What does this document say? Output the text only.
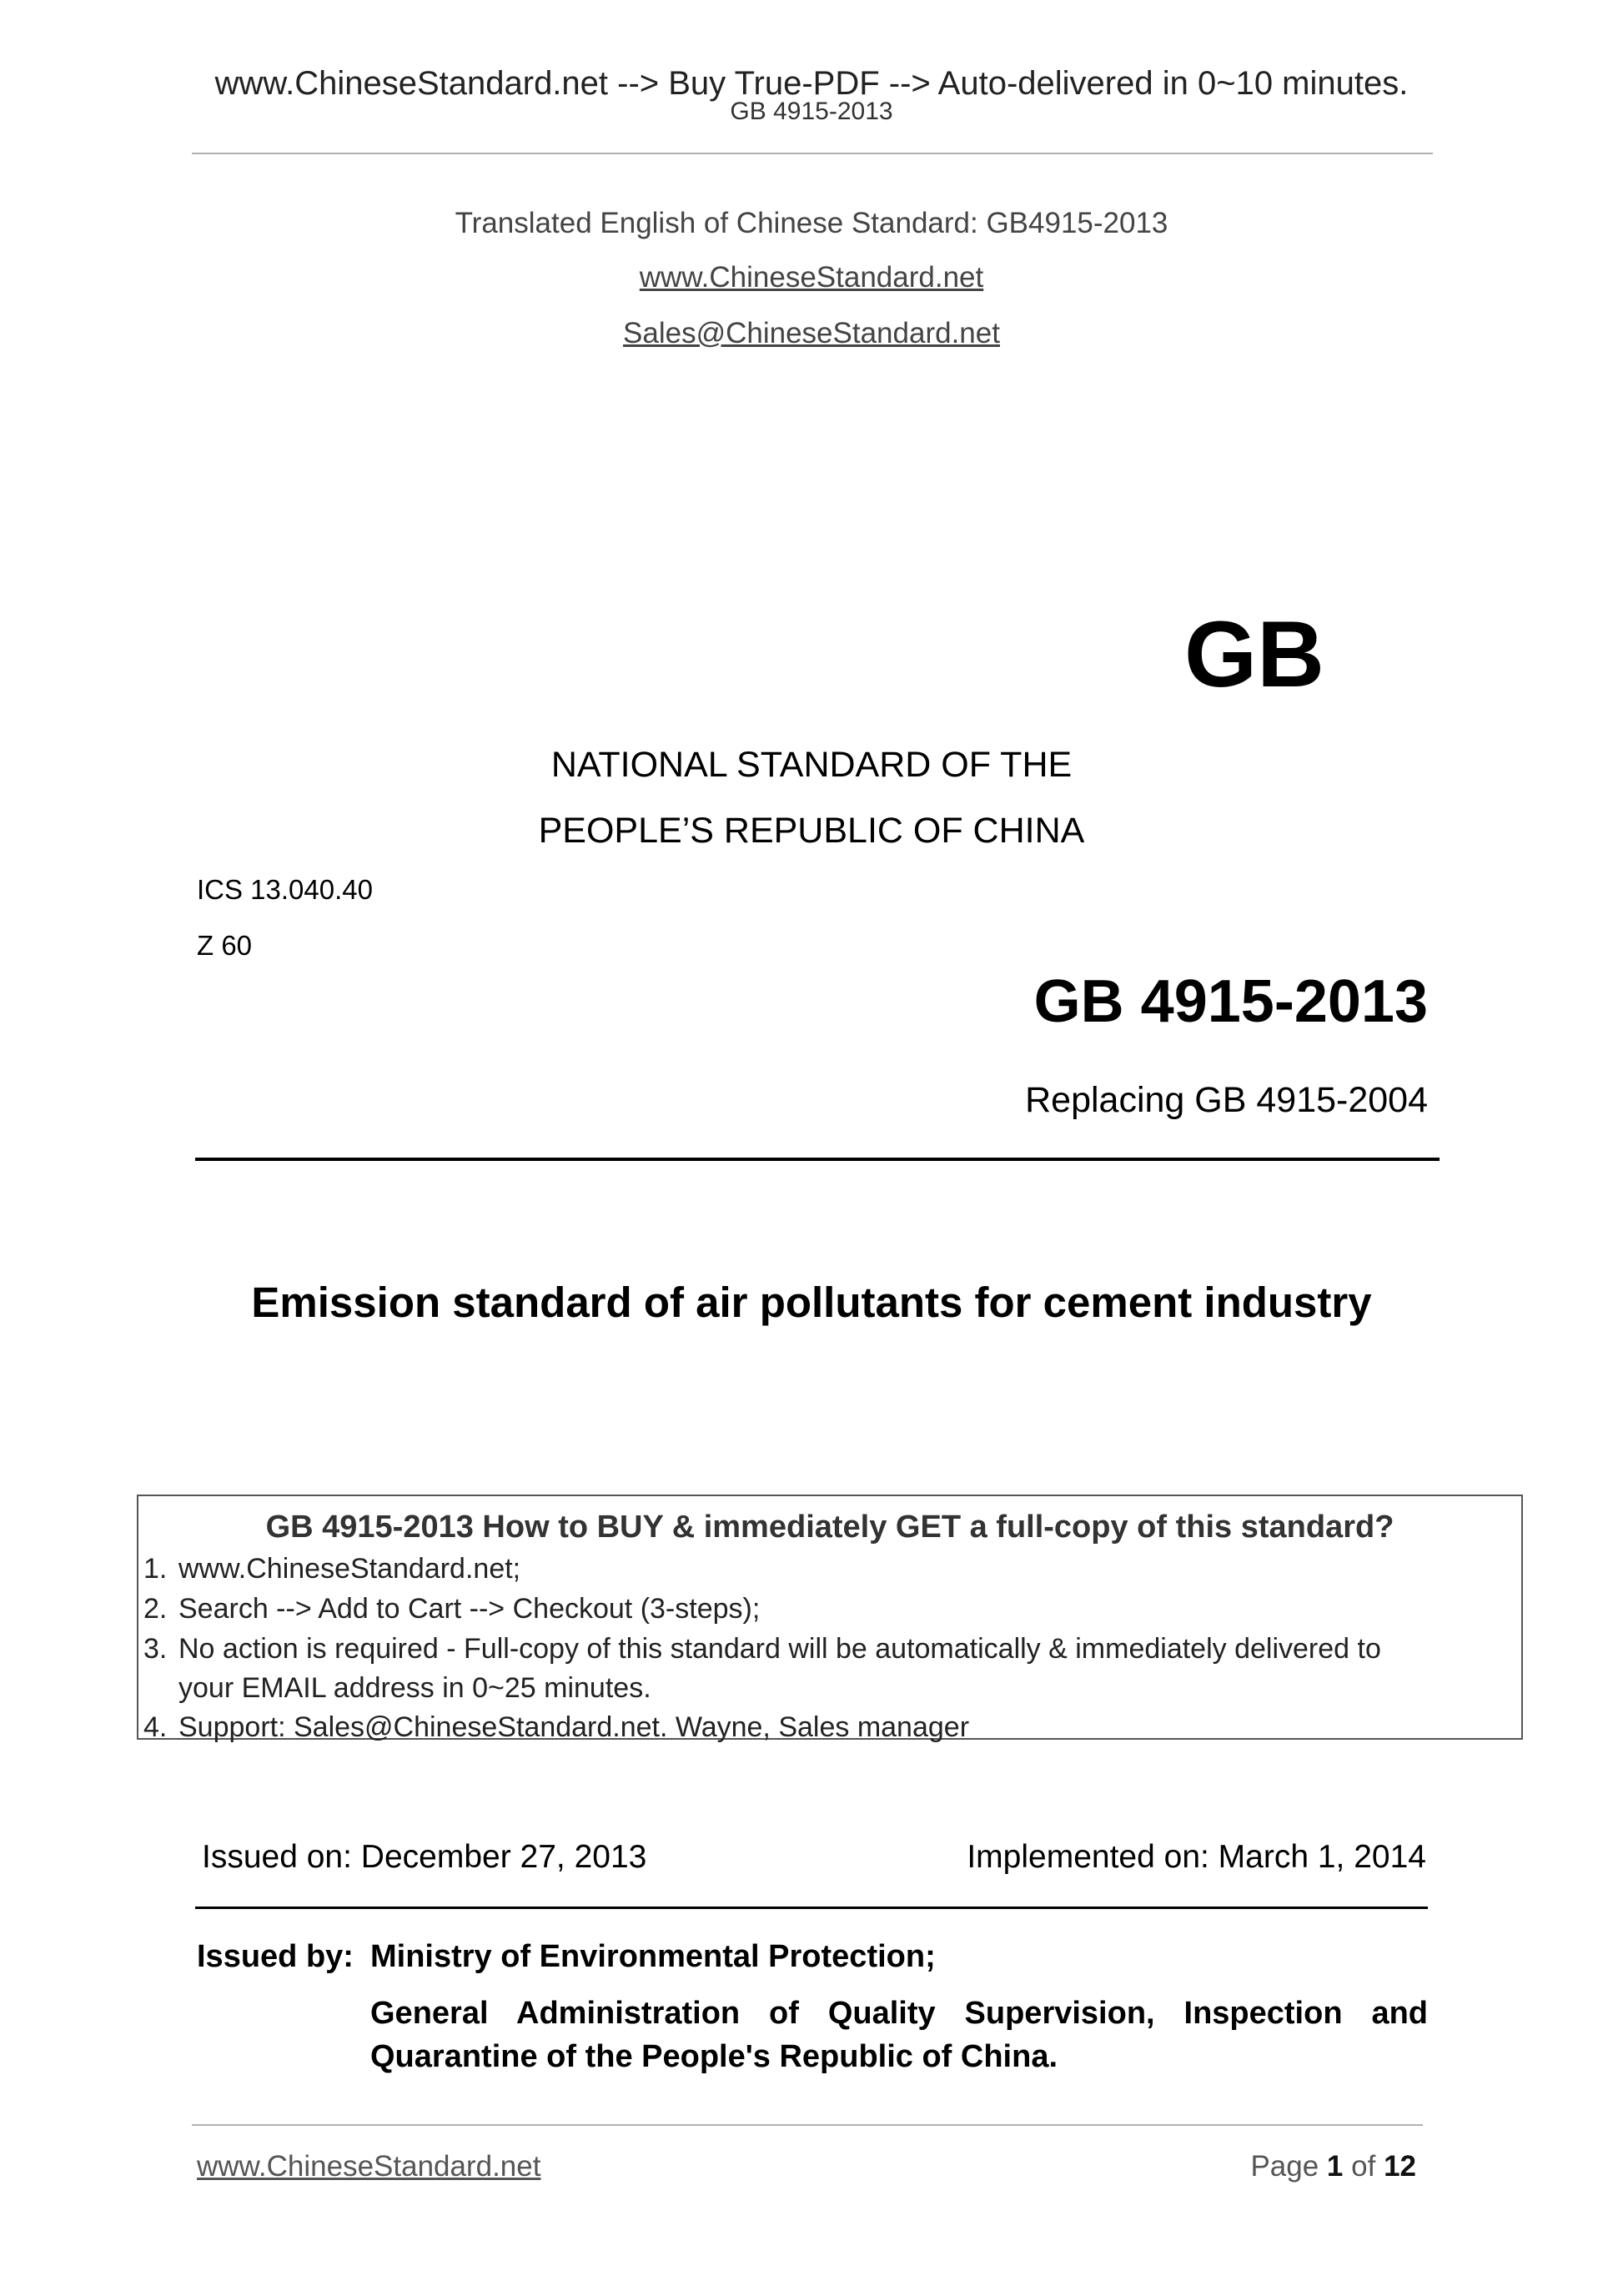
www.ChineseStandard.net --> Buy True-PDF --> Auto-delivered in 0~10 minutes.
GB 4915-2013
Translated English of Chinese Standard: GB4915-2013
www.ChineseStandard.net
Sales@ChineseStandard.net
GB
NATIONAL STANDARD OF THE
PEOPLE’S REPUBLIC OF CHINA
ICS 13.040.40
Z 60
GB 4915-2013
Replacing GB 4915-2004
Emission standard of air pollutants for cement industry
GB 4915-2013 How to BUY & immediately GET a full-copy of this standard?
1. www.ChineseStandard.net;
2. Search --> Add to Cart --> Checkout (3-steps);
3. No action is required - Full-copy of this standard will be automatically & immediately delivered to
your EMAIL address in 0~25 minutes.
4. Support: Sales@ChineseStandard.net. Wayne, Sales manager
Issued on: December 27, 2013	Implemented on: March 1, 2014
Issued by: Ministry of Environmental Protection;
General Administration of Quality Supervision, Inspection and
Quarantine of the People's Republic of China.
www.ChineseStandard.net	Page 1 of 12
